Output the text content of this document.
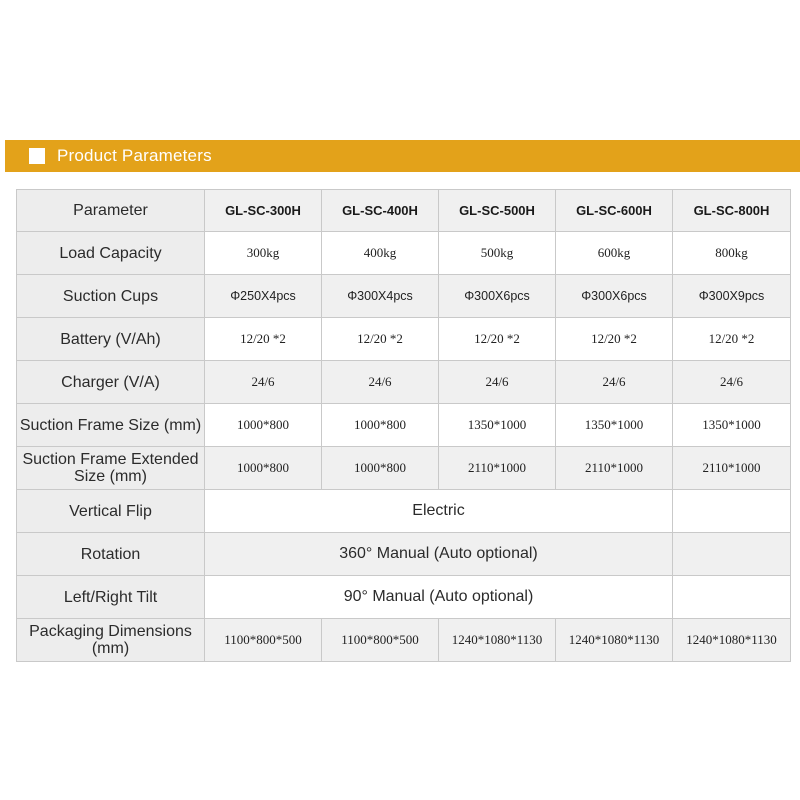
Product Parameters
Parameter	GL-SC-300H	GL-SC-400H	GL-SC-500H	GL-SC-600H	GL-SC-800H
Load Capacity	300kg	400kg	500kg	600kg	800kg
Suction Cups	Φ250X4pcs	Φ300X4pcs	Φ300X6pcs	Φ300X6pcs	Φ300X9pcs
Battery (V/Ah)	12/20 *2	12/20 *2	12/20 *2	12/20 *2	12/20 *2
Charger (V/A)	24/6	24/6	24/6	24/6	24/6
Suction Frame Size (mm)	1000*800	1000*800	1350*1000	1350*1000	1350*1000
Suction Frame Extended Size (mm)	1000*800	1000*800	2110*1000	2110*1000	2110*1000
Vertical Flip	Electric				
Rotation	360° Manual (Auto optional)				
Left/Right Tilt	90° Manual (Auto optional)				
Packaging Dimensions (mm)	1100*800*500	1100*800*500	1240*1080*1130	1240*1080*1130	1240*1080*1130
